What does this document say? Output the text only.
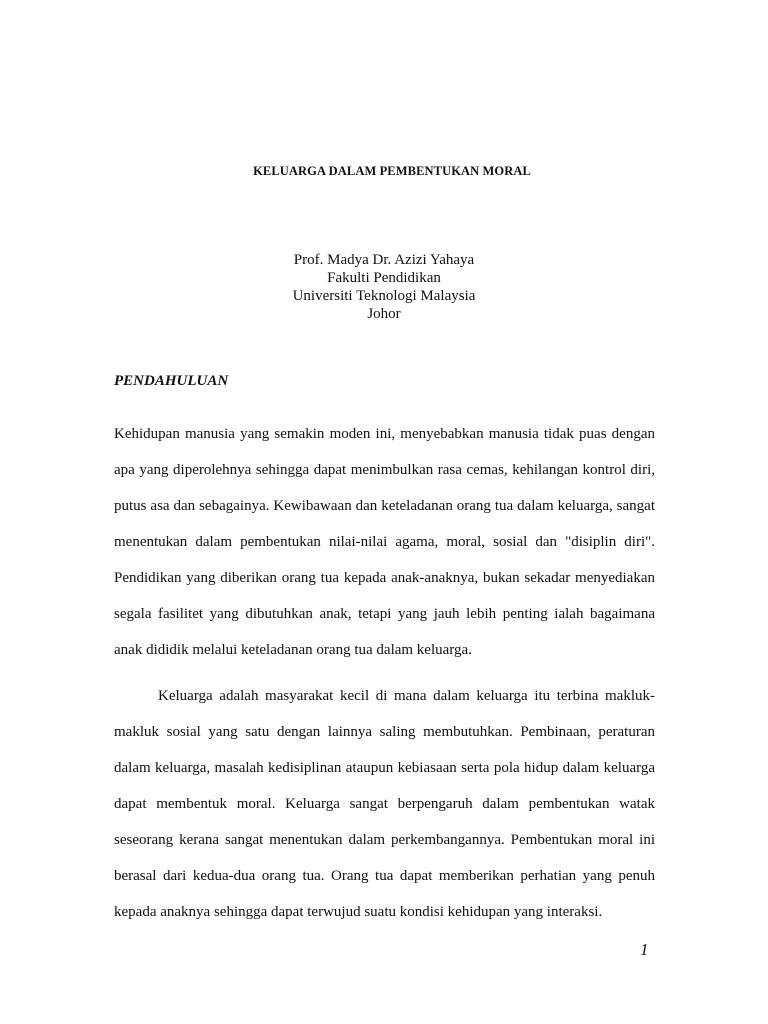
KELUARGA DALAM PEMBENTUKAN MORAL
Prof. Madya Dr. Azizi Yahaya
Fakulti Pendidikan
Universiti Teknologi Malaysia
Johor
PENDAHULUAN
Kehidupan manusia yang semakin moden ini, menyebabkan manusia tidak puas dengan
apa yang diperolehnya sehingga dapat menimbulkan rasa cemas, kehilangan kontrol diri,
putus asa dan sebagainya. Kewibawaan dan keteladanan orang tua dalam keluarga, sangat
menentukan dalam pembentukan nilai-nilai agama, moral, sosial dan "disiplin diri".
Pendidikan yang diberikan orang tua kepada anak-anaknya, bukan sekadar menyediakan
segala fasilitet yang dibutuhkan anak, tetapi yang jauh lebih penting ialah bagaimana
anak dididik melalui keteladanan orang tua dalam keluarga.
Keluarga adalah masyarakat kecil di mana dalam keluarga itu terbina makluk-
makluk sosial yang satu dengan lainnya saling membutuhkan. Pembinaan, peraturan
dalam keluarga, masalah kedisiplinan ataupun kebiasaan serta pola hidup dalam keluarga
dapat membentuk moral. Keluarga sangat berpengaruh dalam pembentukan watak
seseorang kerana sangat menentukan dalam perkembangannya. Pembentukan moral ini
berasal dari kedua-dua orang tua. Orang tua dapat memberikan perhatian yang penuh
kepada anaknya sehingga dapat terwujud suatu kondisi kehidupan yang interaksi.
1
